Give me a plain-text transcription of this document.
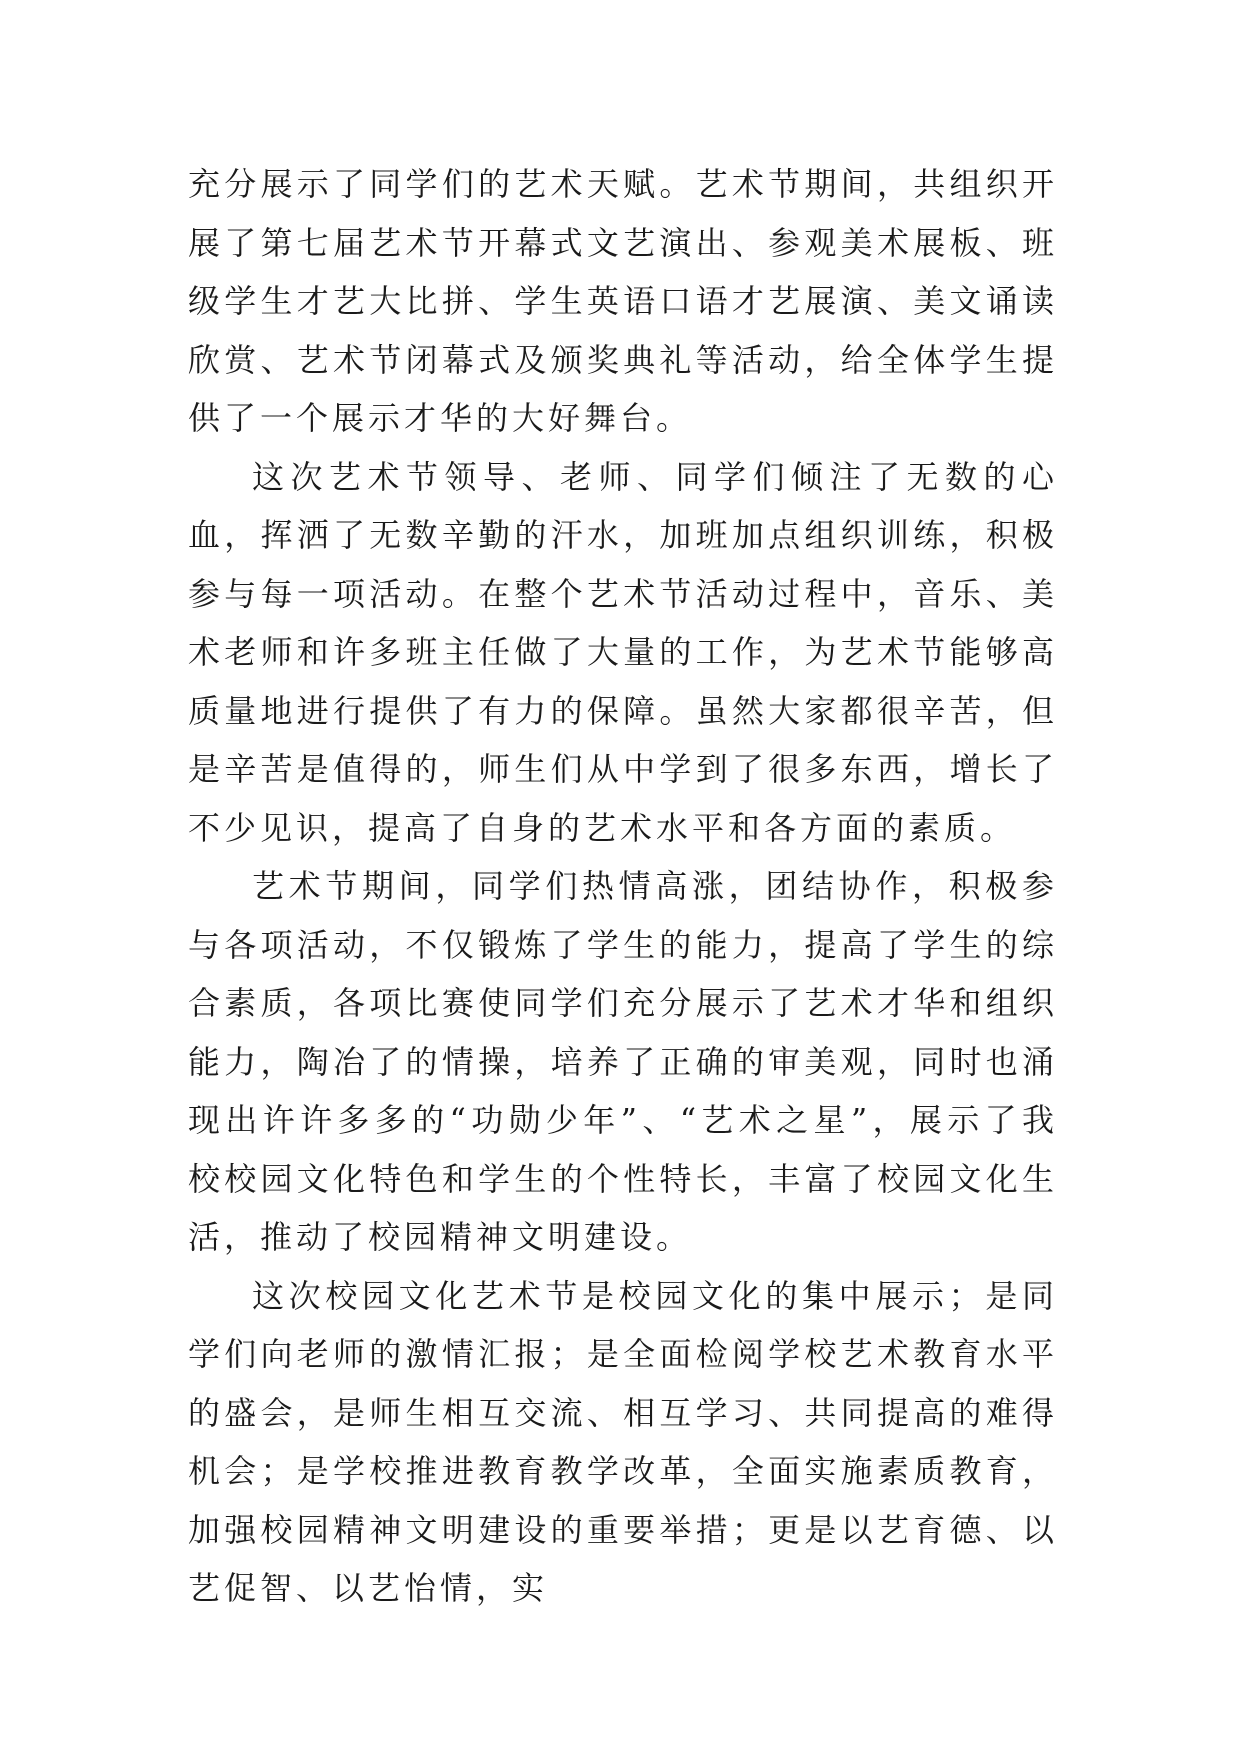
充分展示了同学们的艺术天赋。艺术节期间，共组织开展了第七届艺术节开幕式文艺演出、参观美术展板、班级学生才艺大比拼、学生英语口语才艺展演、美文诵读欣赏、艺术节闭幕式及颁奖典礼等活动，给全体学生提供了一个展示才华的大好舞台。

这次艺术节领导、老师、同学们倾注了无数的心血，挥洒了无数辛勤的汗水，加班加点组织训练，积极参与每一项活动。在整个艺术节活动过程中，音乐、美术老师和许多班主任做了大量的工作，为艺术节能够高质量地进行提供了有力的保障。虽然大家都很辛苦，但是辛苦是值得的，师生们从中学到了很多东西，增长了不少见识，提高了自身的艺术水平和各方面的素质。

艺术节期间，同学们热情高涨，团结协作，积极参与各项活动，不仅锻炼了学生的能力，提高了学生的综合素质，各项比赛使同学们充分展示了艺术才华和组织能力，陶冶了的情操，培养了正确的审美观，同时也涌现出许许多多的“功勋少年”、“艺术之星”，展示了我校校园文化特色和学生的个性特长，丰富了校园文化生活，推动了校园精神文明建设。

这次校园文化艺术节是校园文化的集中展示；是同学们向老师的激情汇报；是全面检阅学校艺术教育水平的盛会，是师生相互交流、相互学习、共同提高的难得机会；是学校推进教育教学改革，全面实施素质教育，加强校园精神文明建设的重要举措；更是以艺育德、以艺促智、以艺怡情，实
